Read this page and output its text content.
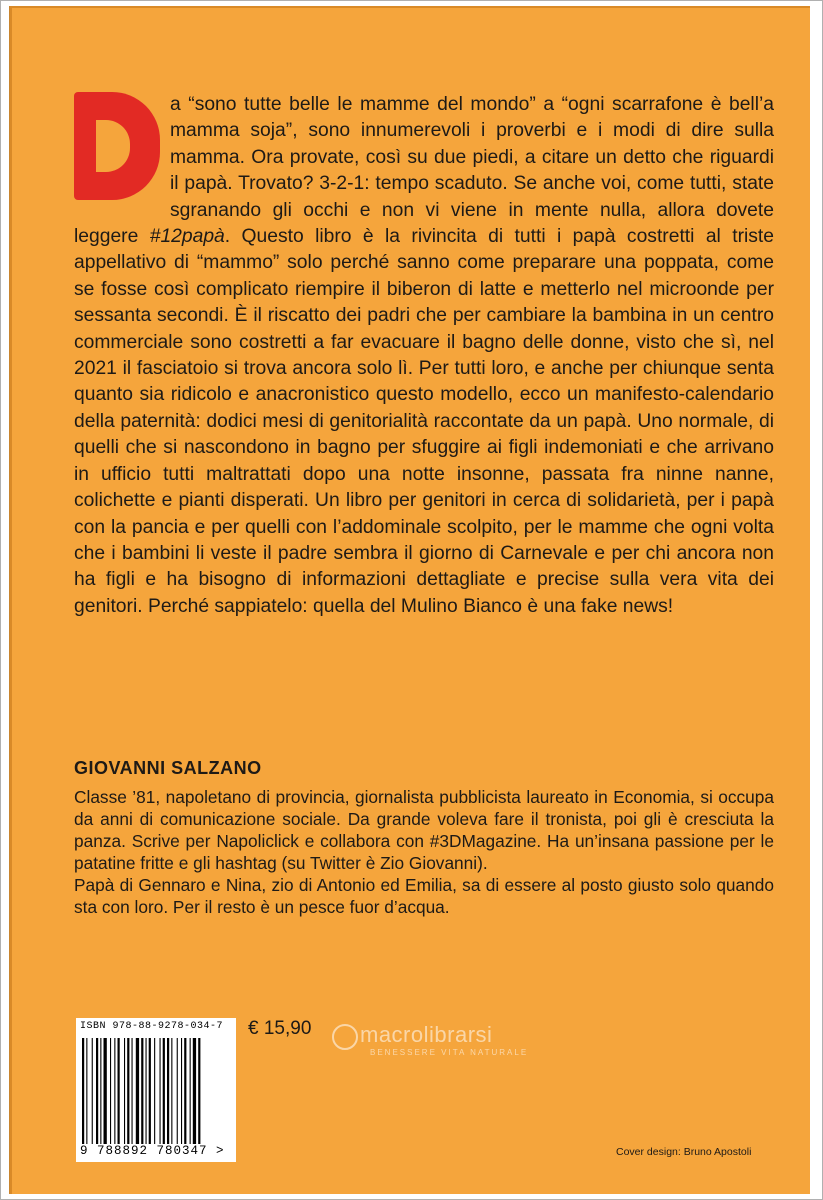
a “sono tutte belle le mamme del mondo” a “ogni scarrafone è bell’a mamma soja”, sono innumerevoli i proverbi e i modi di dire sulla mamma. Ora provate, così su due piedi, a citare un detto che riguardi il papà. Trovato? 3-2-1: tempo scaduto. Se anche voi, come tutti, state sgranando gli occhi e non vi viene in mente nulla, allora dovete leggere #12papà. Questo libro è la rivincita di tutti i papà costretti al triste appellativo di “mammo” solo perché sanno come preparare una poppata, come se fosse così complicato riempire il biberon di latte e metterlo nel microonde per sessanta secondi. È il riscatto dei padri che per cambiare la bambina in un centro commerciale sono costretti a far evacuare il bagno delle donne, visto che sì, nel 2021 il fasciatoio si trova ancora solo lì. Per tutti loro, e anche per chiunque senta quanto sia ridicolo e anacronistico questo modello, ecco un manifesto-calendario della paternità: dodici mesi di genitorialità raccontate da un papà. Uno normale, di quelli che si nascondono in bagno per sfuggire ai figli indemoniati e che arrivano in ufficio tutti maltrattati dopo una notte insonne, passata fra ninne nanne, colichette e pianti disperati. Un libro per genitori in cerca di solidarietà, per i papà con la pancia e per quelli con l’addominale scolpito, per le mamme che ogni volta che i bambini li veste il padre sembra il giorno di Carnevale e per chi ancora non ha figli e ha bisogno di informazioni dettagliate e precise sulla vera vita dei genitori. Perché sappiatelo: quella del Mulino Bianco è una fake news!
GIOVANNI SALZANO

Classe ’81, napoletano di provincia, giornalista pubblicista laureato in Economia, si occupa da anni di comunicazione sociale. Da grande voleva fare il tronista, poi gli è cresciuta la panza. Scrive per Napoliclick e collabora con #3DMagazine. Ha un’insana passione per le patatine fritte e gli hashtag (su Twitter è Zio Giovanni).

Papà di Gennaro e Nina, zio di Antonio ed Emilia, sa di essere al posto giusto solo quando sta con loro. Per il resto è un pesce fuor d’acqua.

ISBN 978-88-9278-034-7
9 788892 780347 >
€ 15,90 macrolibrarsi
BENESSERE VITA NATURALE
Cover design: Bruno Apostoli
